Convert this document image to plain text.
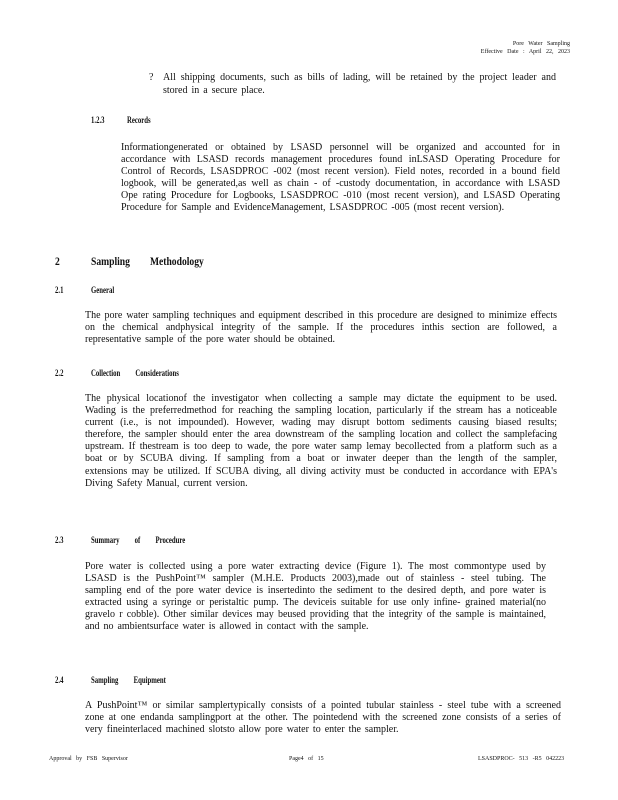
Pore Water Sampling
Effective Date : April 22, 2023
? All shipping documents, such as bills of lading, will be retained by the project leader and stored in a secure place.
1.2.3	Records
Informationgenerated or obtained by LSASD personnel will be organized and accounted for in accordance with LSASD records management procedures found inLSASD Operating Procedure for Control of Records, LSASDPROC -002 (most recent version). Field notes, recorded in a bound field logbook, will be generated,as well as chain - of -custody documentation, in accordance with LSASD Ope rating Procedure for Logbooks, LSASDPROC -010 (most recent version), and LSASD Operating Procedure for Sample and EvidenceManagement, LSASDPROC -005 (most recent version).
2	Sampling Methodology
2.1	General
The pore water sampling techniques and equipment described in this procedure are designed to minimize effects on the chemical andphysical integrity of the sample. If the procedures inthis section are followed, a representative sample of the pore water should be obtained.
2.2	Collection Considerations
The physical locationof the investigator when collecting a sample may dictate the equipment to be used. Wading is the preferredmethod for reaching the sampling location, particularly if the stream has a noticeable current (i.e., is not impounded). However, wading may disrupt bottom sediments causing biased results; therefore, the sampler should enter the area downstream of the sampling location and collect the samplefacing upstream. If thestream is too deep to wade, the pore water samp lemay becollected from a platform such as a boat or by SCUBA diving. If sampling from a boat or inwater deeper than the length of the sampler, extensions may be utilized. If SCUBA diving, all diving activity must be conducted in accordance with EPA's Diving Safety Manual, current version.
2.3	Summary of Procedure
Pore water is collected using a pore water extracting device (Figure 1). The most commontype used by LSASD is the PushPoint™ sampler (M.H.E. Products 2003),made out of stainless - steel tubing. The sampling end of the pore water device is insertedinto the sediment to the desired depth, and pore water is extracted using a syringe or peristaltic pump. The deviceis suitable for use only infine- grained material(no gravelo r cobble). Other similar devices may beused providing that the integrity of the sample is maintained, and no ambientsurface water is allowed in contact with the sample.
2.4	Sampling Equipment
A PushPoint™ or similar samplertypically consists of a pointed tubular stainless - steel tube with a screened zone at one endanda samplingport at the other. The pointedend with the screened zone consists of a series of very fineinterlaced machined slotsto allow pore water to enter the sampler.
Approval by FSB Supervisor	Page4 of 15	LSASDPROC- 513 -R5 042223
